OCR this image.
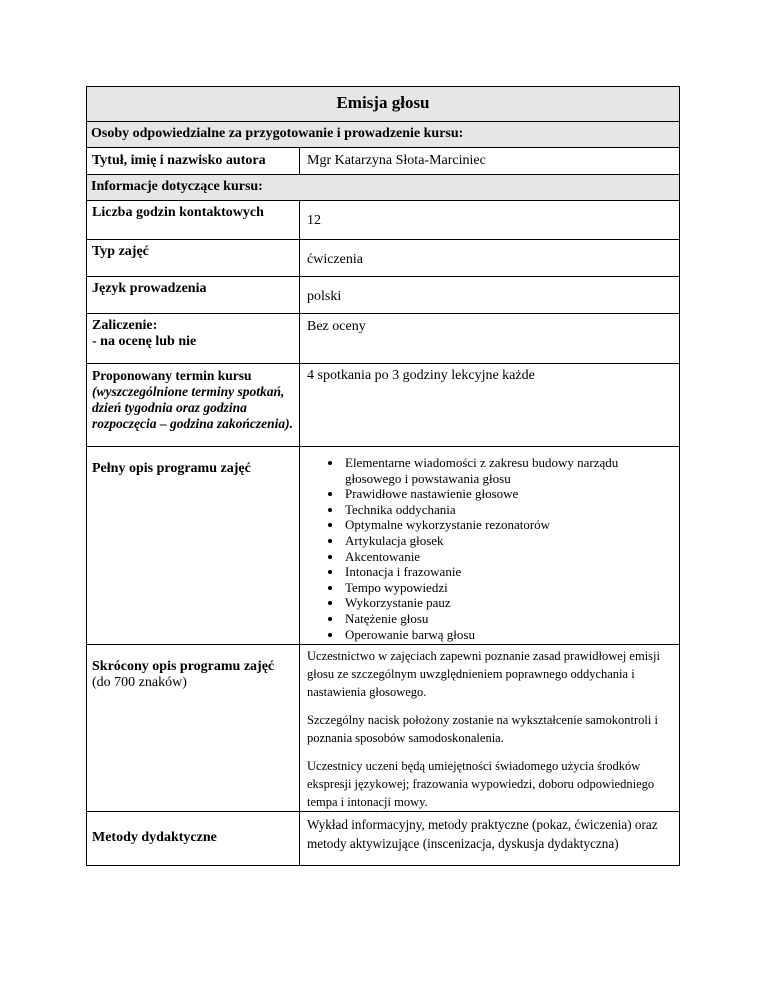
Emisja głosu
Osoby odpowiedzialne za przygotowanie i prowadzenie kursu:
Tytuł, imię i nazwisko autora	Mgr Katarzyna Słota-Marciniec
Informacje dotyczące kursu:
Liczba godzin kontaktowych
12
Typ zajęć
ćwiczenia
Język prowadzenia
polski
Zaliczenie:
- na ocenę lub nie
Bez oceny
Proponowany termin kursu (wyszczególnione terminy spotkań, dzień tygodnia oraz godzina rozpoczęcia – godzina zakończenia).
4 spotkania po 3 godziny lekcyjne każde
Pełny opis programu zajęć
•	Elementarne wiadomości z zakresu budowy narządu głosowego i powstawania głosu
• Prawidłowe nastawienie głosowe
• Technika oddychania
• Optymalne wykorzystanie rezonatorów
• Artykulacja głosek
• Akcentowanie
• Intonacja i frazowanie
• Tempo wypowiedzi
• Wykorzystanie pauz
• Natężenie głosu
• Operowanie barwą głosu
Skrócony opis programu zajęć
(do 700 znaków)

Uczestnictwo w zajęciach zapewni poznanie zasad prawidłowej emisji głosu ze szczególnym uwzględnieniem poprawnego oddychania i nastawienia głosowego.

Szczególny nacisk położony zostanie na wykształcenie samokontroli i poznania sposobów samodoskonalenia.

Uczestnicy uczeni będą umiejętności świadomego użycia środków ekspresji językowej; frazowania wypowiedzi, doboru odpowiedniego tempa i intonacji mowy.

Metody dydaktyczne
Wykład informacyjny, metody praktyczne (pokaz, ćwiczenia) oraz metody aktywizujące (inscenizacja, dyskusja dydaktyczna)
